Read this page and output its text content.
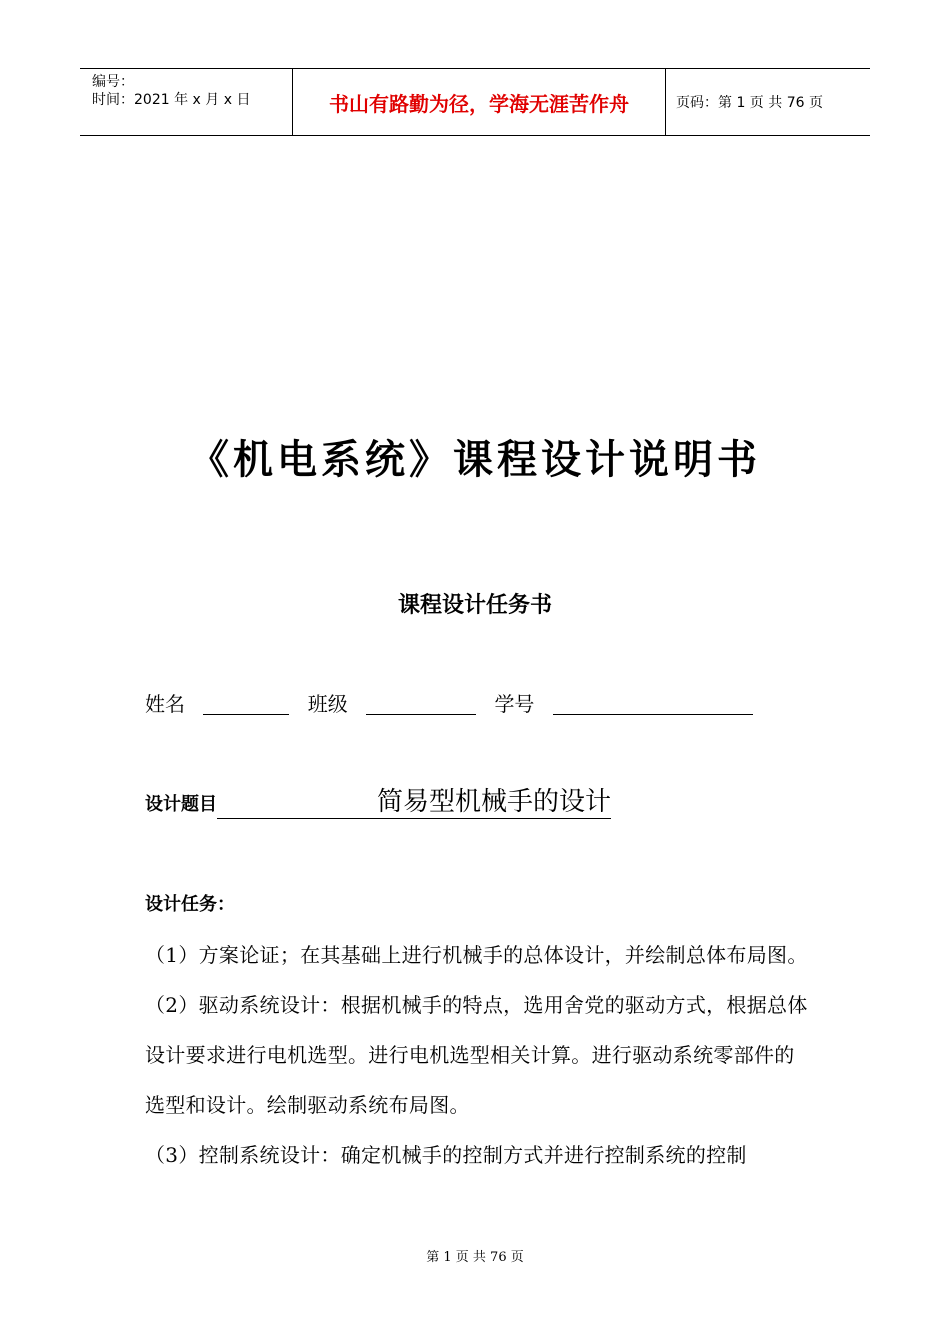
编号：
时间：2021 年 x 月 x 日	书山有路勤为径，学海无涯苦作舟	页码：第 1 页 共 76 页
《机电系统》课程设计说明书
课程设计任务书
姓名	班级	学号
设计题目	简易型机械手的设计
设计任务：

（1）方案论证；在其基础上进行机械手的总体设计，并绘制总体布局图。

（2）驱动系统设计：根据机械手的特点，选用舍党的驱动方式，根据总体设计要求进行电机选型。进行电机选型相关计算。进行驱动系统零部件的选型和设计。绘制驱动系统布局图。

（3）控制系统设计：确定机械手的控制方式并进行控制系统的控制

第 1 页 共 76 页
